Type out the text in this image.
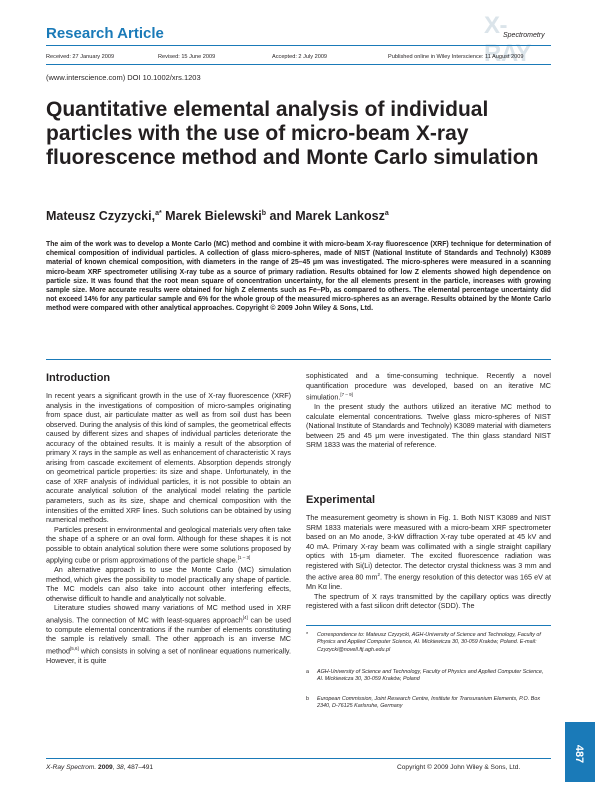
Research Article	X-RAY
Spectrometry
Received: 27 January 2009	Revised: 15 June 2009	Accepted: 2 July 2009	Published online in Wiley Interscience: 11 August 2009
(www.interscience.com) DOI 10.1002/xrs.1203
Quantitative elemental analysis of individual particles with the use of micro-beam X-ray fluorescence method and Monte Carlo simulation
Mateusz Czyzycki,$^{a*}$ Marek Bielewski$^b$ and Marek Lankosz$^a$
The aim of the work was to develop a Monte Carlo (MC) method and combine it with micro-beam X-ray fluorescence (XRF) technique for determination of chemical composition of individual particles. A collection of glass micro-spheres, made of NIST (National Institute of Standards and Technoly) K3089 material of known chemical composition, with diameters in the range of 25–45 μm was investigated. The micro-spheres were measured in a scanning micro-beam XRF spectrometer utilising X-ray tube as a source of primary radiation. Results obtained for low Z elements showed high dependence on particle size. It was found that the root mean square of concentration uncertainty, for the all elements present in the particle, increases with growing sample size. More accurate results were obtained for high Z elements such as Fe–Pb, as compared to others. The elemental percentage uncertainty did not exceed 14% for any particular sample and 6% for the whole group of the measured micro-spheres as an average. Results obtained by the Monte Carlo method were compared with other analytical approaches. Copyright © 2009 John Wiley & Sons, Ltd.
Introduction

In recent years a significant growth in the use of X-ray fluorescence (XRF) analysis in the investigations of composition of micro-samples originating from space dust, air particulate matter as well as from soil dust has been observed. During the analysis of this kind of samples, the geometrical effects caused by different sizes and shapes of individual particles deteriorate the accuracy of the obtained results. It is mainly a result of the absorption of primary X rays in the sample as well as enhancement of characteristic X rays arising from cascade excitement of elements. Absorption depends strongly on geometrical particle properties: its size and shape. Unfortunately, in the case of XRF analysis of individual particles, it is not possible to obtain an accurate analytical solution of the analytical model relating the particle parameters, such as its size, shape and chemical composition with the intensities of the emitted XRF lines. Such solutions can be obtained by using numerical methods.

Particles present in environmental and geological materials very often take the shape of a sphere or an oval form. Although for these shapes it is not possible to obtain analytical solution there were some solutions proposed by applying cube or prism approximations of the particle shape.[1 – 3]

An alternative approach is to use the Monte Carlo (MC) simulation method, which gives the possibility to model practically any shape of particle. The MC models can also take into account other interfering effects, otherwise difficult to handle and analytically not solvable.

Literature studies showed many variations of MC method used in XRF analysis. The connection of MC with least-squares approach[4] can be used to compute elemental concentrations if the number of elements constituting the sample is relatively small. The other approach is an inverse MC method[5,6] which consists in solving a set of nonlinear equations numerically. However, it is quite

sophisticated and a time-consuming technique. Recently a novel quantification procedure was developed, based on an iterative MC simulation.[7 – 9]

In the present study the authors utilized an iterative MC method to calculate elemental concentrations. Twelve glass micro-spheres of NIST (National Institute of Standards and Technoly) K3089 material with diameters between 25 and 45 μm were investigated. The thin glass standard NIST SRM 1833 was the material of reference.

Experimental

The measurement geometry is shown in Fig. 1. Both NIST K3089 and NIST SRM 1833 materials were measured with a micro-beam XRF spectrometer based on an Mo anode, 3-kW diffraction X-ray tube operated at 45 kV and 40 mA. Primary X-ray beam was collimated with a single straight capillary optics with 15-μm diameter. The excited fluorescence radiation was registered with Si(Li) detector. The detector crystal thickness was 3 mm and the active area 80 $mm^2$. The energy resolution of this detector was 165 eV at Mn Kα line.

The spectrum of X rays transmitted by the capillary optics was directly registered with a fast silicon drift detector (SDD). The

* Correspondence to: Mateusz Czyzycki, AGH-University of Science and Technology, Faculty of Physics and Applied Computer Science, Al. Mickiewicza 30, 30-059 Kraków, Poland. E-mail: Czyzycki@novell.ftj.agh.edu.pl
a AGH-University of Science and Technology, Faculty of Physics and Applied Computer Science, Al. Mickiewicza 30, 30-059 Kraków, Poland
b European Commission, Joint Research Centre, Institute for Transuranium Elements, P.O. Box 2340, D-76125 Karlsruhe, Germany
487
X-Ray Spectrom. 2009, 38, 487–491	Copyright © 2009 John Wiley & Sons, Ltd.
